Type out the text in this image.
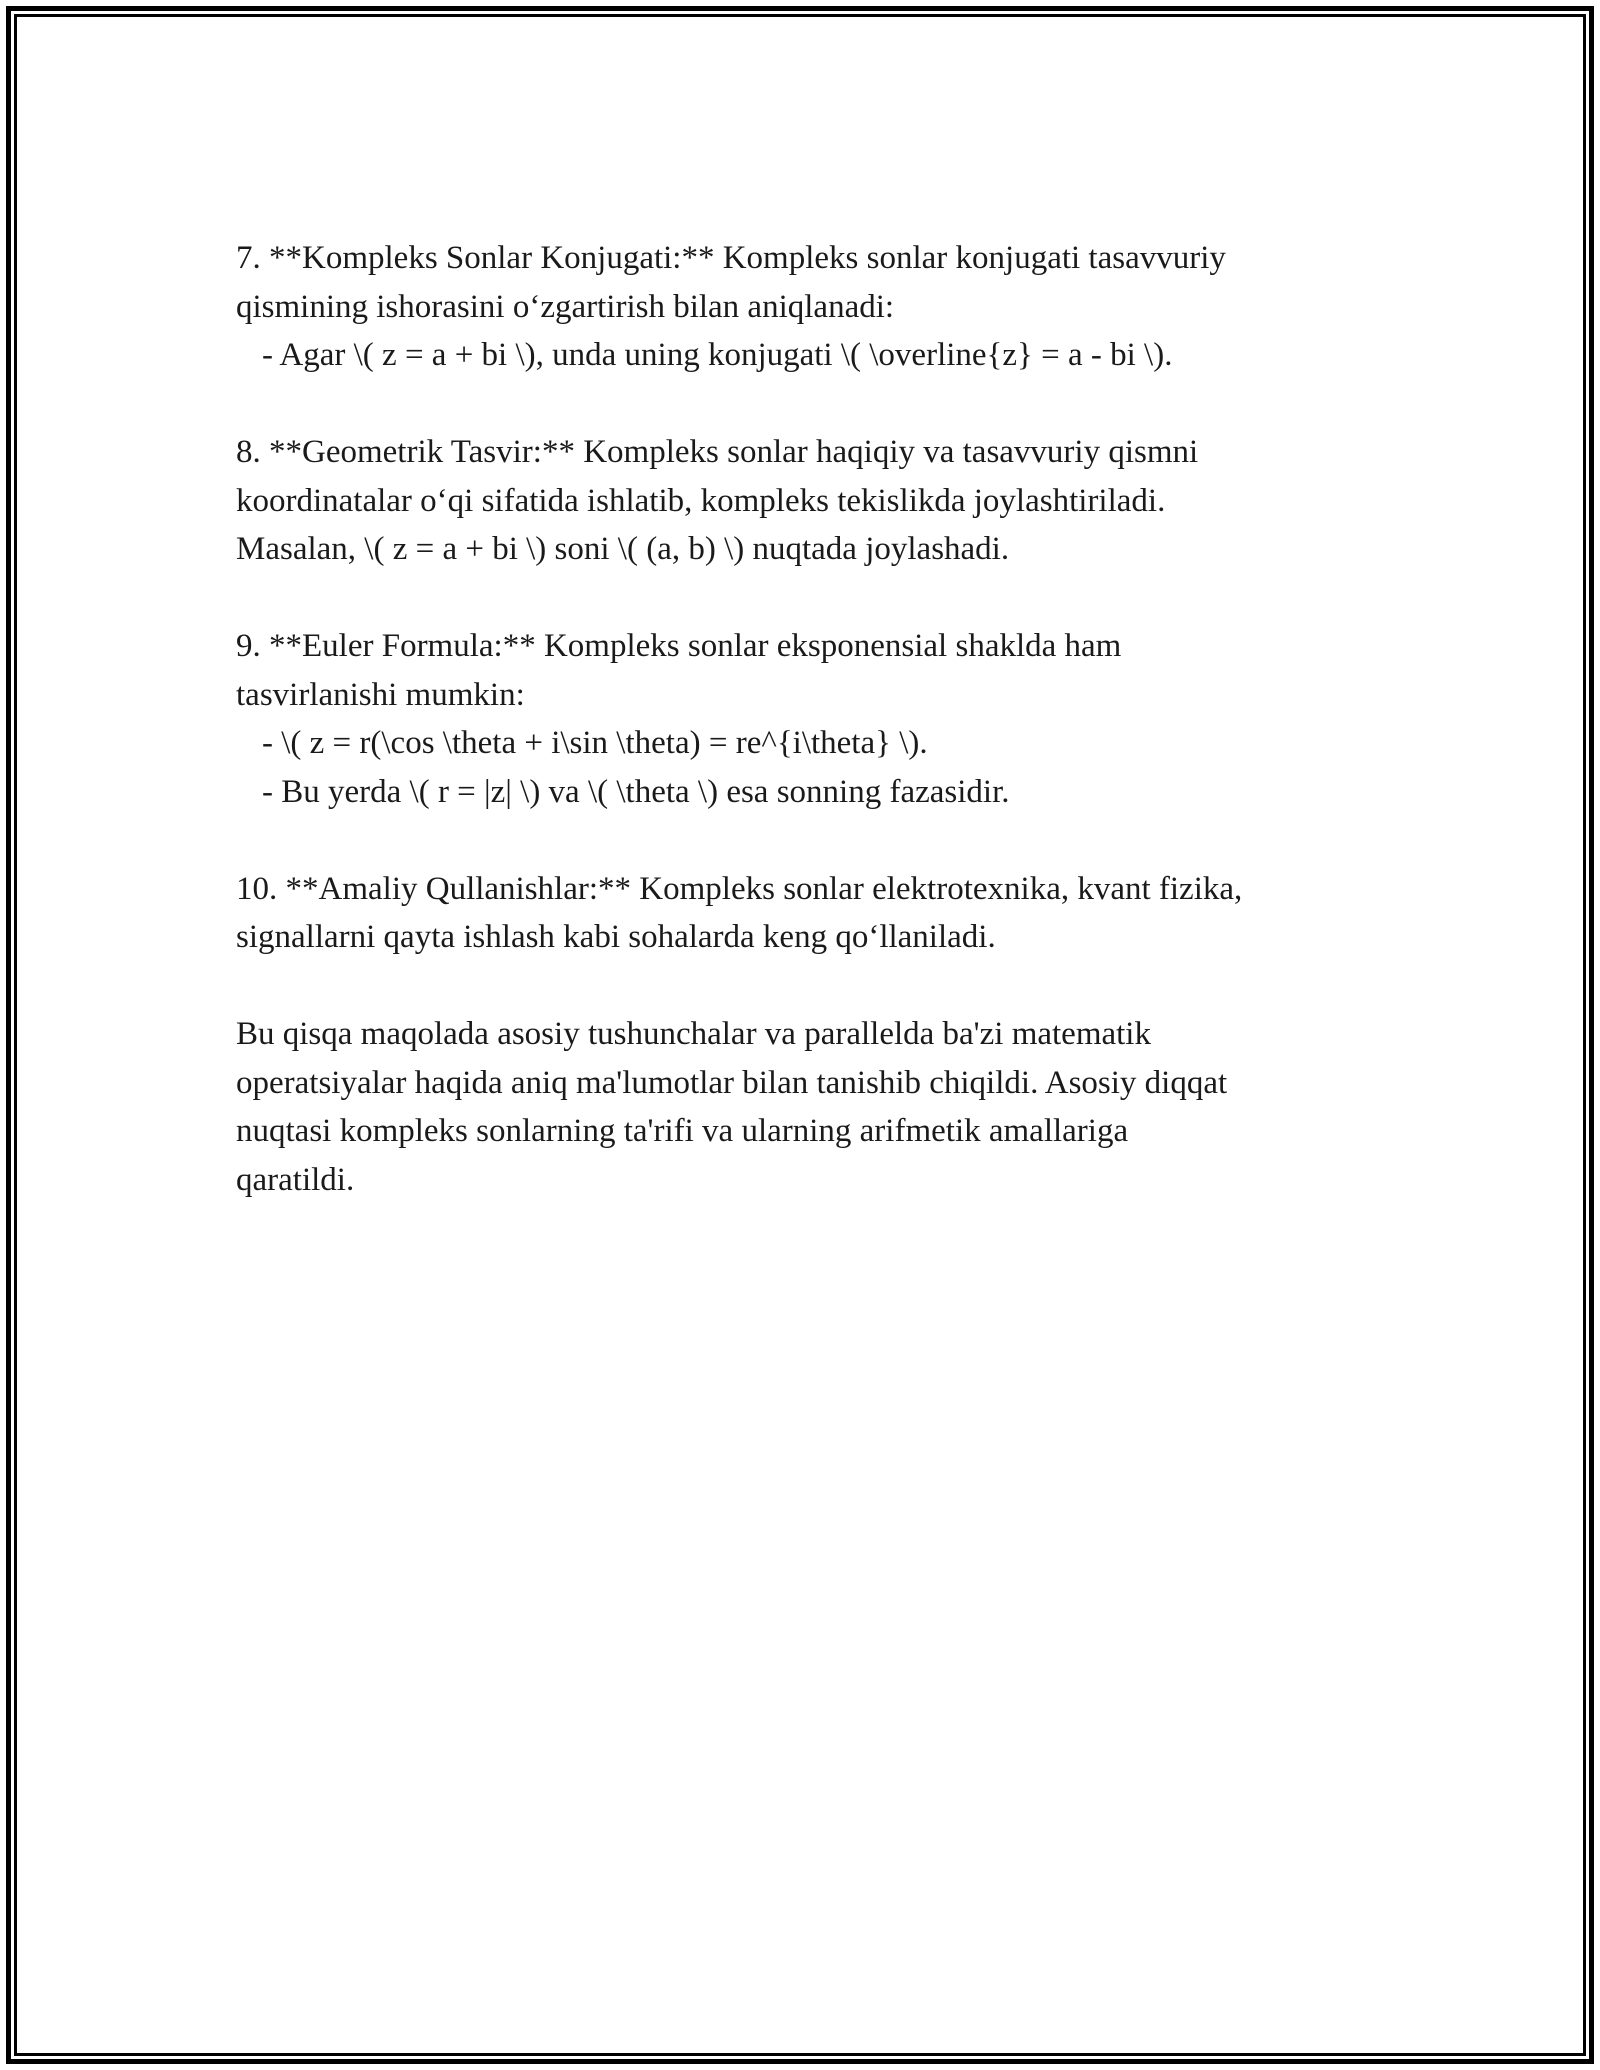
7. **Kompleks Sonlar Konjugati:** Kompleks sonlar konjugati tasavvuriy
qismining ishorasini o‘zgartirish bilan aniqlanadi:
- Agar \( z = a + bi \), unda uning konjugati \( \overline{z} = a - bi \).
8. **Geometrik Tasvir:** Kompleks sonlar haqiqiy va tasavvuriy qismni
koordinatalar o‘qi sifatida ishlatib, kompleks tekislikda joylashtiriladi.
Masalan, \( z = a + bi \) soni \( (a, b) \) nuqtada joylashadi.
9. **Euler Formula:** Kompleks sonlar eksponensial shaklda ham
tasvirlanishi mumkin:
- \( z = r(\cos \theta + i\sin \theta) = re^{i\theta} \).
- Bu yerda \( r = |z| \) va \( \theta \) esa sonning fazasidir.
10. **Amaliy Qullanishlar:** Kompleks sonlar elektrotexnika, kvant fizika,
signallarni qayta ishlash kabi sohalarda keng qo‘llaniladi.
Bu qisqa maqolada asosiy tushunchalar va parallelda ba'zi matematik
operatsiyalar haqida aniq ma'lumotlar bilan tanishib chiqildi. Asosiy diqqat
nuqtasi kompleks sonlarning ta'rifi va ularning arifmetik amallariga
qaratildi.
